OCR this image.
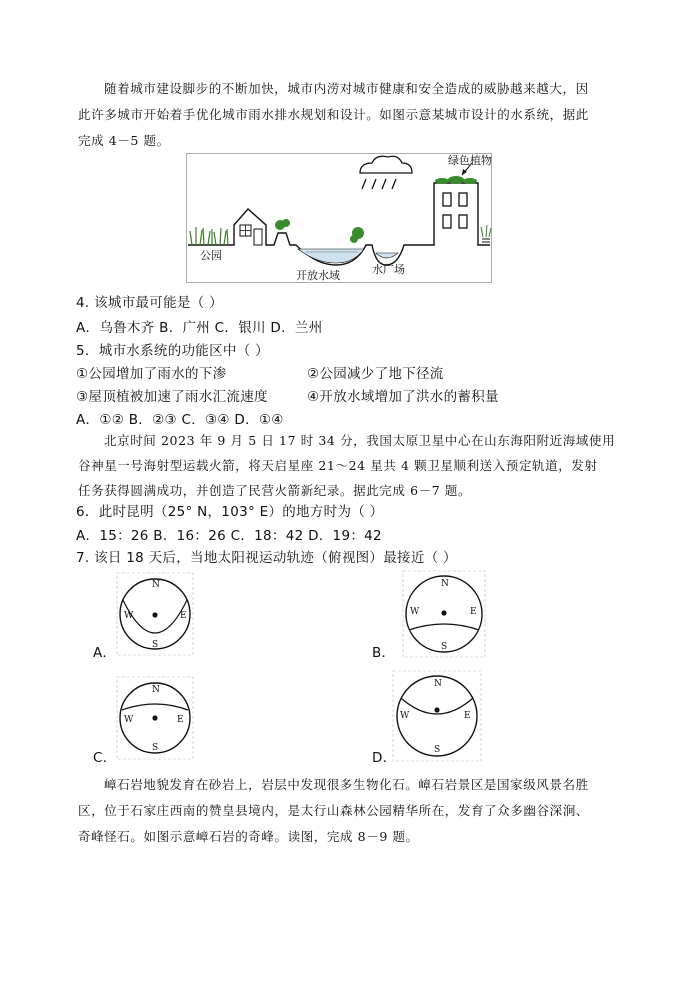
随着城市建设脚步的不断加快，城市内涝对城市健康和安全造成的威胁越来越大，因
此许多城市开始着手优化城市雨水排水规划和设计。如图示意某城市设计的水系统，据此
完成 4－5 题。
公园
开放水域	水广场
绿色植物
4. 该城市最可能是（ ）
A．乌鲁木齐 B．广州 C．银川 D．兰州
5．城市水系统的功能区中（ ）
①公园增加了雨水的下渗	②公园减少了地下径流
③屋顶植被加速了雨水汇流速度	④开放水域增加了洪水的蓄积量
A．①② B．②③ C．③④ D．①④
北京时间 2023 年 9 月 5 日 17 时 34 分，我国太原卫星中心在山东海阳附近海域使用
谷神星一号海射型运载火箭，将天启星座 21～24 星共 4 颗卫星顺利送入预定轨道，发射
任务获得圆满成功，并创造了民营火箭新纪录。据此完成 6－7 题。
6．此时昆明（25° N，103° E）的地方时为（ ）
A．15：26 B．16：26 C．18：42 D．19：42
7. 该日 18 天后，当地太阳视运动轨迹（俯视图）最接近（ ）
A．
N
S
E
W
B．
N
S
E
W
C．
N
S
E
W
D．
N
S
E
W
嶂石岩地貌发育在砂岩上，岩层中发现很多生物化石。嶂石岩景区是国家级风景名胜
区，位于石家庄西南的赞皇县境内，是太行山森林公园精华所在，发育了众多幽谷深涧、
奇峰怪石。如图示意嶂石岩的奇峰。读图，完成 8－9 题。
